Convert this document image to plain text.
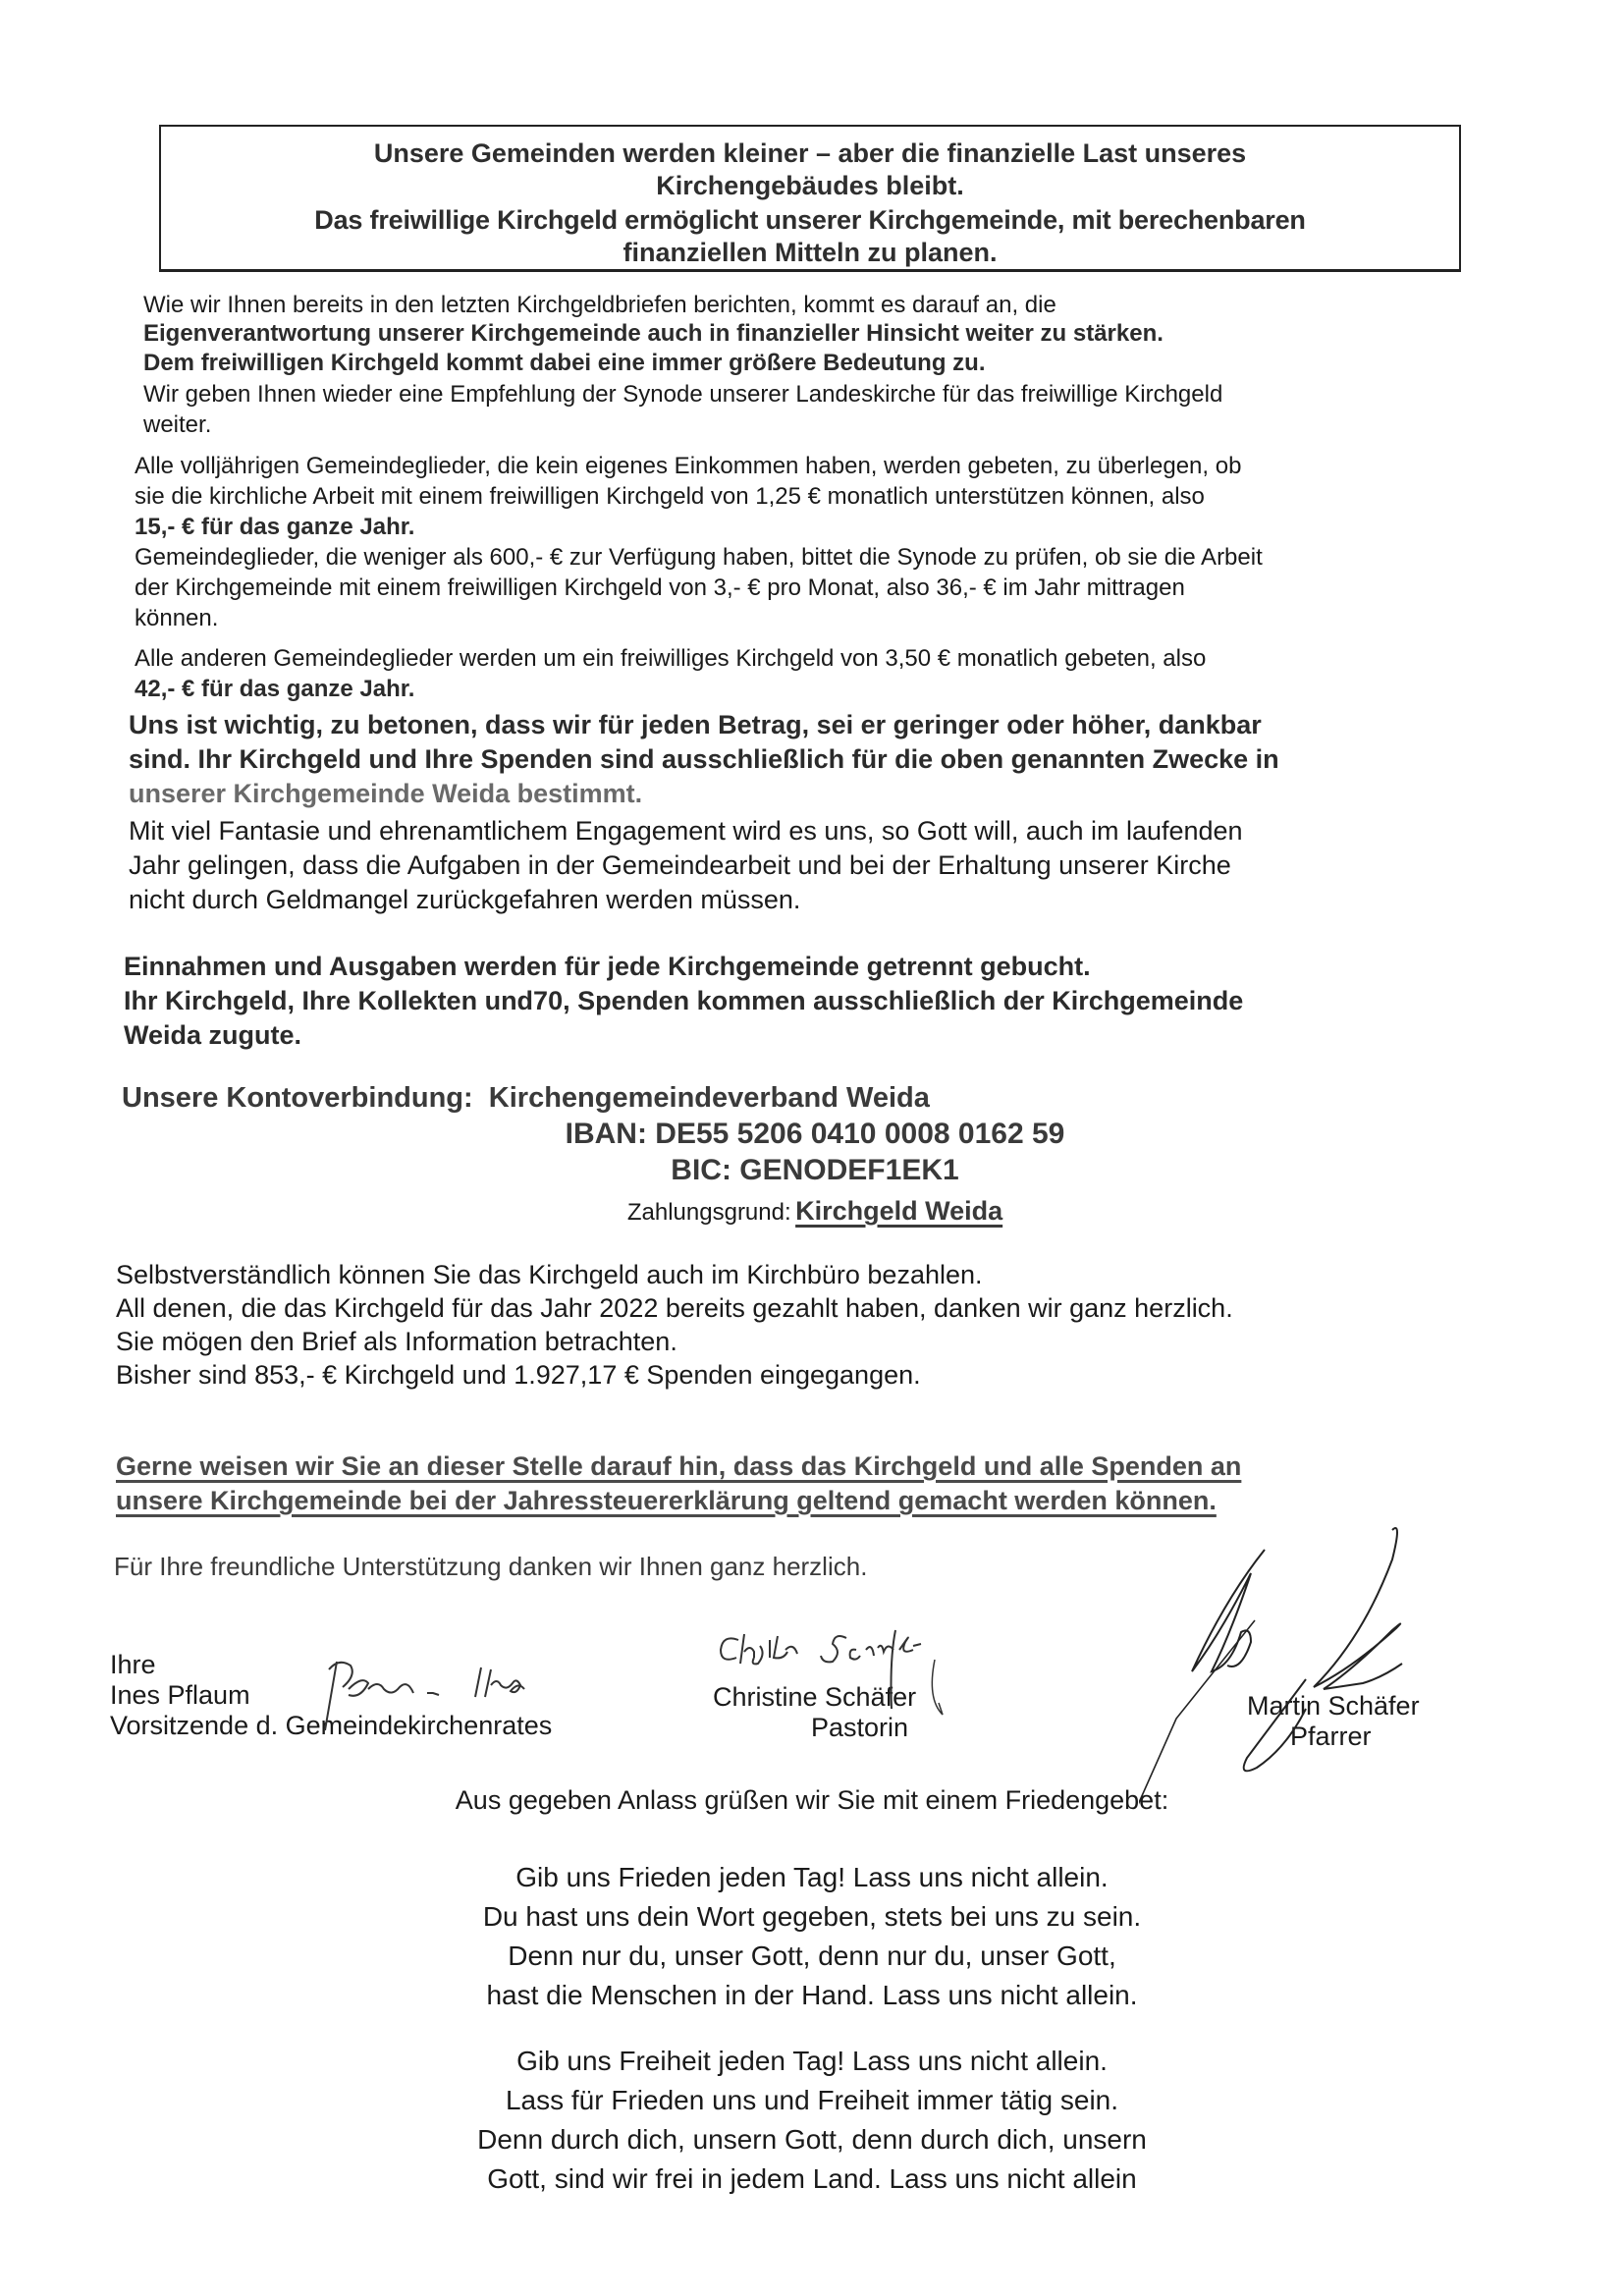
Unsere Gemeinden werden kleiner – aber die finanzielle Last unseres
Kirchengebäudes bleibt.
Das freiwillige Kirchgeld ermöglicht unserer Kirchgemeinde, mit berechenbaren
finanziellen Mitteln zu planen.
Wie wir Ihnen bereits in den letzten Kirchgeldbriefen berichten, kommt es darauf an, die
Eigenverantwortung unserer Kirchgemeinde auch in finanzieller Hinsicht weiter zu stärken.
Dem freiwilligen Kirchgeld kommt dabei eine immer größere Bedeutung zu.
Wir geben Ihnen wieder eine Empfehlung der Synode unserer Landeskirche für das freiwillige Kirchgeld
weiter.
Alle volljährigen Gemeindeglieder, die kein eigenes Einkommen haben, werden gebeten, zu überlegen, ob
sie die kirchliche Arbeit mit einem freiwilligen Kirchgeld von 1,25 € monatlich unterstützen können, also
15,- € für das ganze Jahr.
Gemeindeglieder, die weniger als 600,- € zur Verfügung haben, bittet die Synode zu prüfen, ob sie die Arbeit
der Kirchgemeinde mit einem freiwilligen Kirchgeld von 3,- € pro Monat, also 36,- € im Jahr mittragen
können.
Alle anderen Gemeindeglieder werden um ein freiwilliges Kirchgeld von 3,50 € monatlich gebeten, also
42,- € für das ganze Jahr.
Uns ist wichtig, zu betonen, dass wir für jeden Betrag, sei er geringer oder höher, dankbar
sind. Ihr Kirchgeld und Ihre Spenden sind ausschließlich für die oben genannten Zwecke in
unserer Kirchgemeinde Weida bestimmt.
Mit viel Fantasie und ehrenamtlichem Engagement wird es uns, so Gott will, auch im laufenden
Jahr gelingen, dass die Aufgaben in der Gemeindearbeit und bei der Erhaltung unserer Kirche
nicht durch Geldmangel zurückgefahren werden müssen.
Einnahmen und Ausgaben werden für jede Kirchgemeinde getrennt gebucht.
Ihr Kirchgeld, Ihre Kollekten und70, Spenden kommen ausschließlich der Kirchgemeinde
Weida zugute.
Unsere Kontoverbindung: Kirchengemeindeverband Weida
IBAN: DE55 5206 0410 0008 0162 59
BIC: GENODEF1EK1
Zahlungsgrund: Kirchgeld Weida
Selbstverständlich können Sie das Kirchgeld auch im Kirchbüro bezahlen.
All denen, die das Kirchgeld für das Jahr 2022 bereits gezahlt haben, danken wir ganz herzlich.
Sie mögen den Brief als Information betrachten.
Bisher sind 853,- € Kirchgeld und 1.927,17 € Spenden eingegangen.
Gerne weisen wir Sie an dieser Stelle darauf hin, dass das Kirchgeld und alle Spenden an
unsere Kirchgemeinde bei der Jahressteuererklärung geltend gemacht werden können.
Für Ihre freundliche Unterstützung danken wir Ihnen ganz herzlich.
Ihre
Ines Pflaum
Vorsitzende d. Gemeindekirchenrates
Christine Schäfer
Pastorin
Martin Schäfer
Pfarrer
Aus gegeben Anlass grüßen wir Sie mit einem Friedengebet:
Gib uns Frieden jeden Tag! Lass uns nicht allein.
Du hast uns dein Wort gegeben, stets bei uns zu sein.
Denn nur du, unser Gott, denn nur du, unser Gott,
hast die Menschen in der Hand. Lass uns nicht allein.
Gib uns Freiheit jeden Tag! Lass uns nicht allein.
Lass für Frieden uns und Freiheit immer tätig sein.
Denn durch dich, unsern Gott, denn durch dich, unsern
Gott, sind wir frei in jedem Land. Lass uns nicht allein
